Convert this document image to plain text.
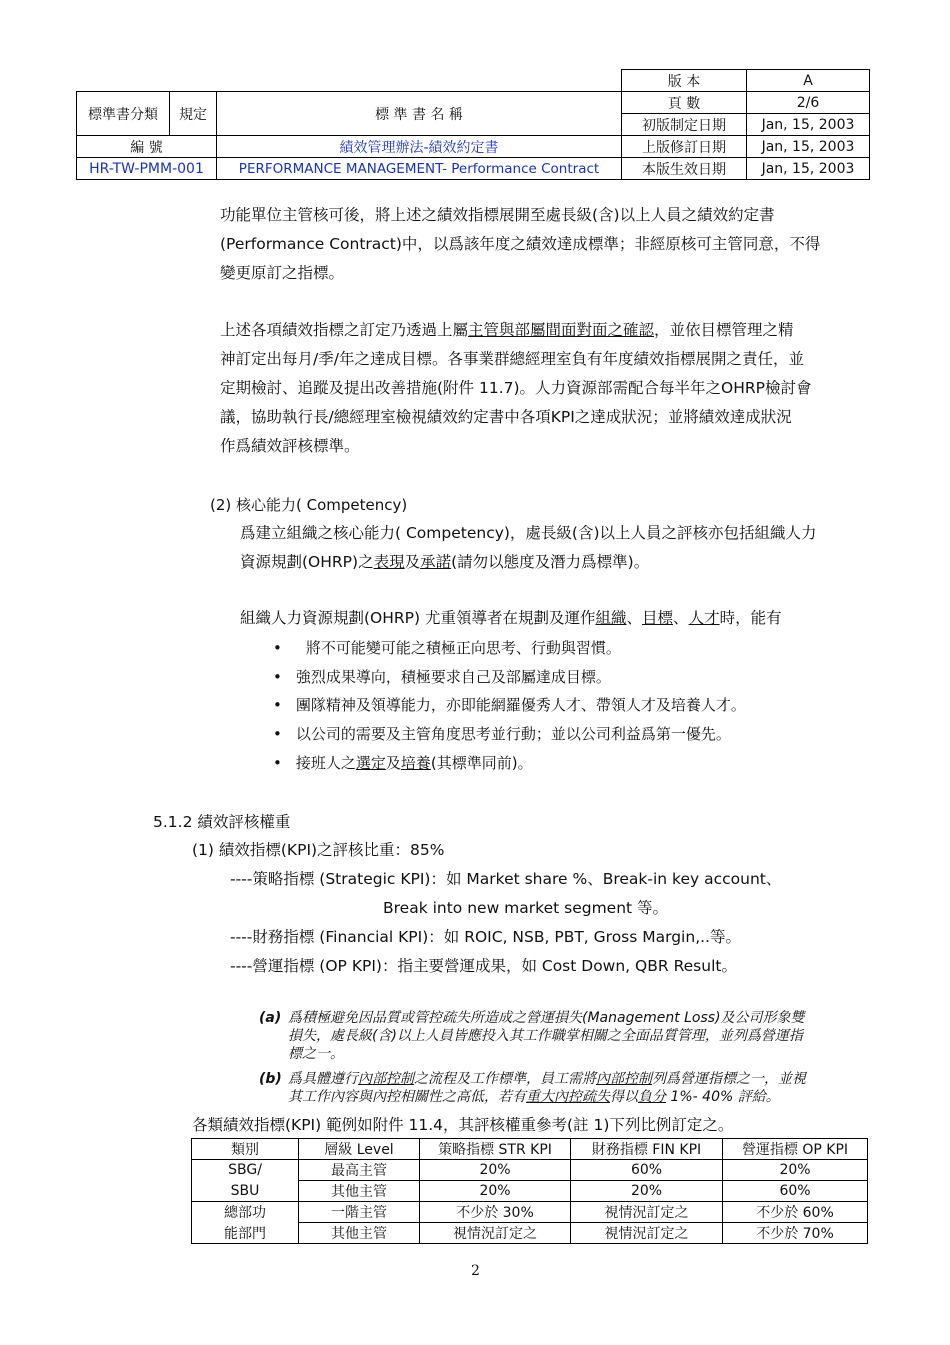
			版 本	A
標準書分類	規定	標 準 書 名 稱	頁 數	2/6
			初版制定日期	Jan, 15, 2003
編 號		績效管理辦法-績效約定書	上版修訂日期	Jan, 15, 2003
HR-TW-PMM-001		PERFORMANCE MANAGEMENT- Performance Contract	本版生效日期	Jan, 15, 2003
功能單位主管核可後，將上述之績效指標展開至處長級(含)以上人員之績效約定書
(Performance Contract)中，以爲該年度之績效達成標準；非經原核可主管同意，不得
變更原訂之指標。
上述各項績效指標之訂定乃透過上屬主管與部屬間面對面之確認，並依目標管理之精
神訂定出每月/季/年之達成目標。各事業群總經理室負有年度績效指標展開之責任，並
定期檢討、追蹤及提出改善措施(附件 11.7)。人力資源部需配合每半年之OHRP檢討會
議，協助執行長/總經理室檢視績效約定書中各項KPI之達成狀況；並將績效達成狀況
作爲績效評核標準。
(2) 核心能力( Competency)
爲建立組織之核心能力( Competency)，處長級(含)以上人員之評核亦包括組織人力
資源規劃(OHRP)之表現及承諾(請勿以態度及潛力爲標準)。
組織人力資源規劃(OHRP) 尤重領導者在規劃及運作組織、目標、人才時，能有
• 將不可能變可能之積極正向思考、行動與習慣。
• 強烈成果導向，積極要求自己及部屬達成目標。
• 團隊精神及領導能力，亦即能網羅優秀人才、帶領人才及培養人才。
• 以公司的需要及主管角度思考並行動；並以公司利益爲第一優先。
• 接班人之選定及培養(其標準同前)。
5.1.2 績效評核權重
(1) 績效指標(KPI)之評核比重：85%
----策略指標 (Strategic KPI)：如 Market share %、Break-in key account、
Break into new market segment 等。
----財務指標 (Financial KPI)：如 ROIC, NSB, PBT, Gross Margin,..等。
----營運指標 (OP KPI)：指主要營運成果，如 Cost Down, QBR Result。
(a) 爲積極避免因品質或管控疏失所造成之營運損失(Management Loss)及公司形象雙
損失，處長級(含)以上人員皆應投入其工作職掌相關之全面品質管理，並列爲營運指
標之一。
(b) 爲具體遵行內部控制之流程及工作標準，員工需將內部控制列爲營運指標之一，並視
其工作內容與內控相關性之高低，若有重大內控疏失得以負分 1%- 40% 評給。
各類績效指標(KPI) 範例如附件 11.4，其評核權重參考(註 1)下列比例訂定之。
類別	層級 Level	策略指標 STR KPI	財務指標 FIN KPI	營運指標 OP KPI
SBG/	最高主管	20%	60%	20%
SBU	其他主管	20%	20%	60%
總部功	一階主管	不少於 30%	視情況訂定之	不少於 60%
能部門	其他主管	視情況訂定之	視情況訂定之	不少於 70%
2
